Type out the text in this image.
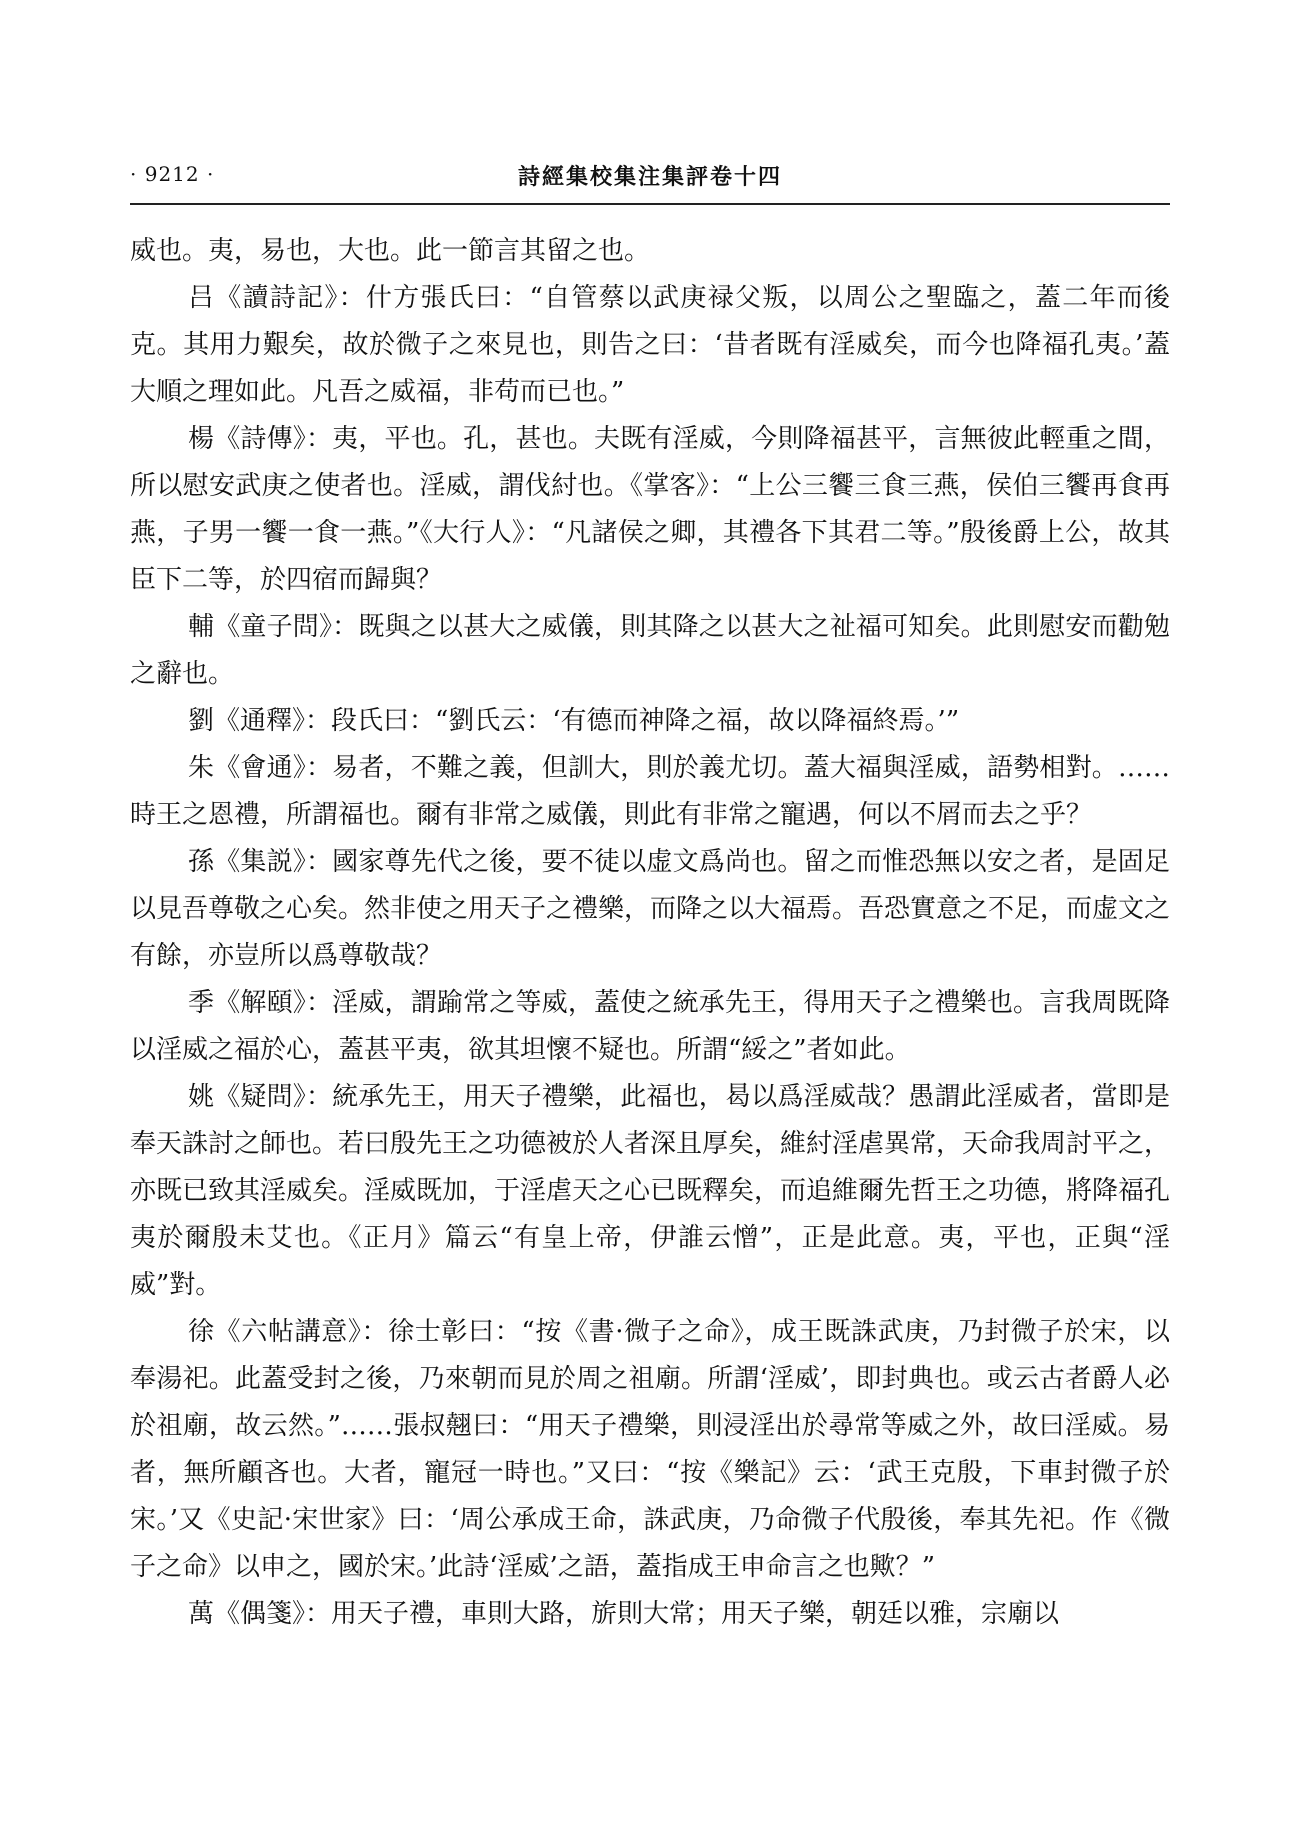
· 9212 ·	詩經集校集注集評卷十四

威也。夷，易也，大也。此一節言其留之也。

吕《讀詩記》：什方張氏曰：“自管蔡以武庚禄父叛，以周公之聖臨之，蓋二年而後克。其用力艱矣，故於微子之來見也，則告之曰：‘昔者既有淫威矣，而今也降福孔夷。’蓋大順之理如此。凡吾之威福，非苟而已也。”

楊《詩傳》：夷，平也。孔，甚也。夫既有淫威，今則降福甚平，言無彼此輕重之間，所以慰安武庚之使者也。淫威，謂伐紂也。《掌客》：“上公三饗三食三燕，侯伯三饗再食再燕，子男一饗一食一燕。”《大行人》：“凡諸侯之卿，其禮各下其君二等。”殷後爵上公，故其臣下二等，於四宿而歸與？

輔《童子問》：既與之以甚大之威儀，則其降之以甚大之祉福可知矣。此則慰安而勸勉之辭也。

劉《通釋》：段氏曰：“劉氏云：‘有德而神降之福，故以降福終焉。’”

朱《會通》：易者，不難之義，但訓大，則於義尤切。蓋大福與淫威，語勢相對。……時王之恩禮，所謂福也。爾有非常之威儀，則此有非常之寵遇，何以不屑而去之乎？

孫《集説》：國家尊先代之後，要不徒以虚文爲尚也。留之而惟恐無以安之者，是固足以見吾尊敬之心矣。然非使之用天子之禮樂，而降之以大福焉。吾恐實意之不足，而虚文之有餘，亦豈所以爲尊敬哉？

季《解頤》：淫威，謂踰常之等威，蓋使之統承先王，得用天子之禮樂也。言我周既降以淫威之福於心，蓋甚平夷，欲其坦懷不疑也。所謂“綏之”者如此。

姚《疑問》：統承先王，用天子禮樂，此福也，曷以爲淫威哉？愚謂此淫威者，當即是奉天誅討之師也。若曰殷先王之功德被於人者深且厚矣，維紂淫虐異常，天命我周討平之，亦既已致其淫威矣。淫威既加，于淫虐天之心已既釋矣，而追維爾先哲王之功德，將降福孔夷於爾殷未艾也。《正月》篇云“有皇上帝，伊誰云憎”，正是此意。夷，平也，正與“淫威”對。

徐《六帖講意》：徐士彰曰：“按《書·微子之命》，成王既誅武庚，乃封微子於宋，以奉湯祀。此蓋受封之後，乃來朝而見於周之祖廟。所謂‘淫威’，即封典也。或云古者爵人必於祖廟，故云然。”……張叔翹曰：“用天子禮樂，則浸淫出於尋常等威之外，故曰淫威。易者，無所顧吝也。大者，寵冠一時也。”又曰：“按《樂記》云：‘武王克殷，下車封微子於宋。’又《史記·宋世家》曰：‘周公承成王命，誅武庚，乃命微子代殷後，奉其先祀。作《微子之命》以申之，國於宋。’此詩‘淫威’之語，蓋指成王申命言之也歟？”

萬《偶箋》：用天子禮，車則大路，旂則大常；用天子樂，朝廷以雅，宗廟以
